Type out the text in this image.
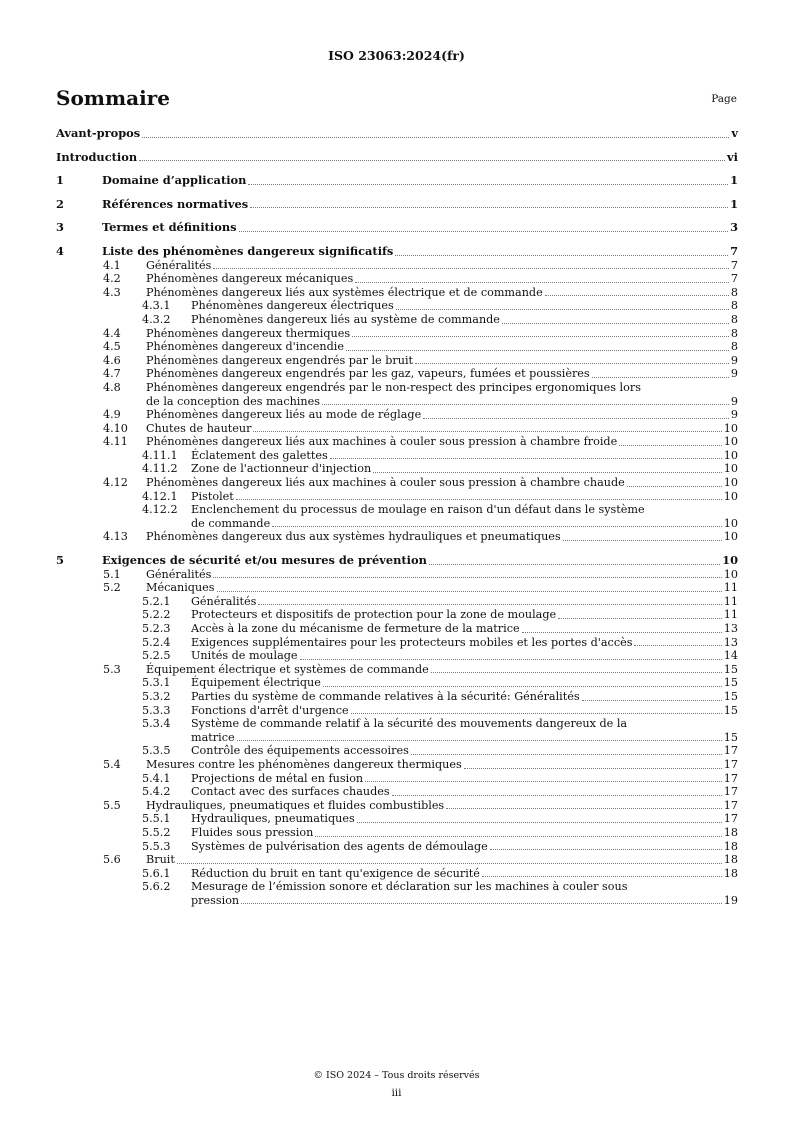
ISO 23063:2024(fr)
Sommaire	Page
Avant-propos	v
Introduction	vi
1	Domaine d’application	1
2	Références normatives	1
3	Termes et définitions	3
4	Liste des phénomènes dangereux significatifs	7
4.1 Généralités	7
4.2 Phénomènes dangereux mécaniques	7
4.3 Phénomènes dangereux liés aux systèmes électrique et de commande	8
4.3.1 Phénomènes dangereux électriques	8
4.3.2 Phénomènes dangereux liés au système de commande	8
4.4 Phénomènes dangereux thermiques	8
4.5 Phénomènes dangereux d'incendie	8
4.6 Phénomènes dangereux engendrés par le bruit	9
4.7 Phénomènes dangereux engendrés par les gaz, vapeurs, fumées et poussières	9
4.8 Phénomènes dangereux engendrés par le non-respect des principes ergonomiques lors
de la conception des machines	9
4.9 Phénomènes dangereux liés au mode de réglage	9
4.10 Chutes de hauteur	10
4.11 Phénomènes dangereux liés aux machines à couler sous pression à chambre froide	10
4.11.1 Éclatement des galettes	10
4.11.2 Zone de l'actionneur d'injection	10
4.12 Phénomènes dangereux liés aux machines à couler sous pression à chambre chaude	10
4.12.1 Pistolet	10
4.12.2 Enclenchement du processus de moulage en raison d'un défaut dans le système
de commande	10
4.13 Phénomènes dangereux dus aux systèmes hydrauliques et pneumatiques	10
5	Exigences de sécurité et/ou mesures de prévention	10
5.1 Généralités	10
5.2 Mécaniques	11
5.2.1 Généralités	11
5.2.2 Protecteurs et dispositifs de protection pour la zone de moulage	11
5.2.3 Accès à la zone du mécanisme de fermeture de la matrice	13
5.2.4 Exigences supplémentaires pour les protecteurs mobiles et les portes d'accès	13
5.2.5 Unités de moulage	14
5.3 Équipement électrique et systèmes de commande	15
5.3.1 Équipement électrique	15
5.3.2 Parties du système de commande relatives à la sécurité: Généralités	15
5.3.3 Fonctions d'arrêt d'urgence	15
5.3.4 Système de commande relatif à la sécurité des mouvements dangereux de la
matrice	15
5.3.5 Contrôle des équipements accessoires	17
5.4 Mesures contre les phénomènes dangereux thermiques	17
5.4.1 Projections de métal en fusion	17
5.4.2 Contact avec des surfaces chaudes	17
5.5 Hydrauliques, pneumatiques et fluides combustibles	17
5.5.1 Hydrauliques, pneumatiques	17
5.5.2 Fluides sous pression	18
5.5.3 Systèmes de pulvérisation des agents de démoulage	18
5.6 Bruit	18
5.6.1 Réduction du bruit en tant qu'exigence de sécurité	18
5.6.2 Mesurage de l’émission sonore et déclaration sur les machines à couler sous
pression	19
© ISO 2024 – Tous droits réservés
iii
